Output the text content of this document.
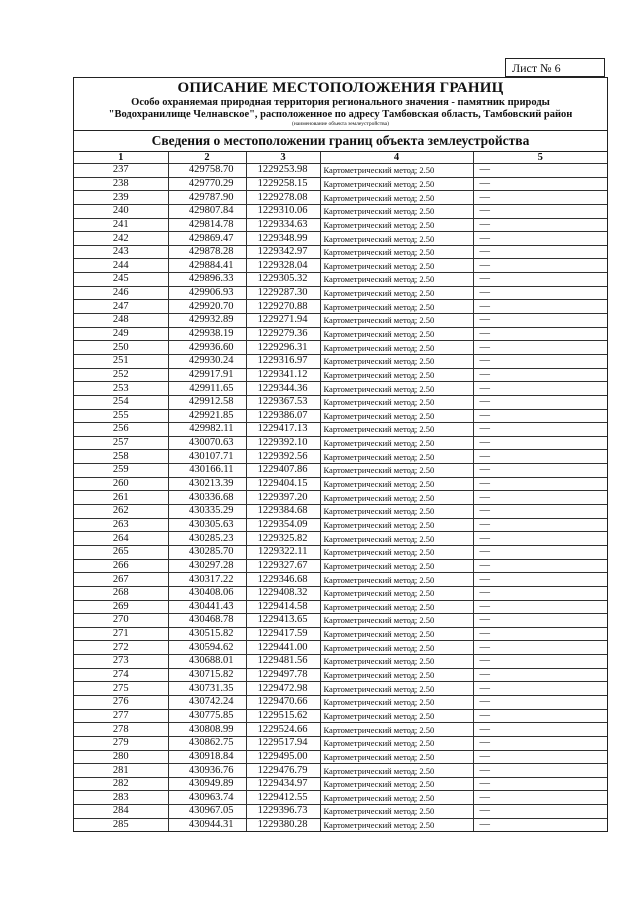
Лист № 6
ОПИСАНИЕ МЕСТОПОЛОЖЕНИЯ ГРАНИЦ
Особо охраняемая природная территория регионального значения - памятник природы
"Водохранилище Челнавское", расположенное по адресу Тамбовская область, Тамбовский район
(наименование объекта землеустройства)
Сведения о местоположении границ объекта землеустройства
1	2	3	4	5
237	429758.70	1229253.98	Картометрический метод; 2.50	—
238	429770.29	1229258.15	Картометрический метод; 2.50	—
239	429787.90	1229278.08	Картометрический метод; 2.50	—
240	429807.84	1229310.06	Картометрический метод; 2.50	—
241	429814.78	1229334.63	Картометрический метод; 2.50	—
242	429869.47	1229348.99	Картометрический метод; 2.50	—
243	429878.28	1229342.97	Картометрический метод; 2.50	—
244	429884.41	1229328.04	Картометрический метод; 2.50	—
245	429896.33	1229305.32	Картометрический метод; 2.50	—
246	429906.93	1229287.30	Картометрический метод; 2.50	—
247	429920.70	1229270.88	Картометрический метод; 2.50	—
248	429932.89	1229271.94	Картометрический метод; 2.50	—
249	429938.19	1229279.36	Картометрический метод; 2.50	—
250	429936.60	1229296.31	Картометрический метод; 2.50	—
251	429930.24	1229316.97	Картометрический метод; 2.50	—
252	429917.91	1229341.12	Картометрический метод; 2.50	—
253	429911.65	1229344.36	Картометрический метод; 2.50	—
254	429912.58	1229367.53	Картометрический метод; 2.50	—
255	429921.85	1229386.07	Картометрический метод; 2.50	—
256	429982.11	1229417.13	Картометрический метод; 2.50	—
257	430070.63	1229392.10	Картометрический метод; 2.50	—
258	430107.71	1229392.56	Картометрический метод; 2.50	—
259	430166.11	1229407.86	Картометрический метод; 2.50	—
260	430213.39	1229404.15	Картометрический метод; 2.50	—
261	430336.68	1229397.20	Картометрический метод; 2.50	—
262	430335.29	1229384.68	Картометрический метод; 2.50	—
263	430305.63	1229354.09	Картометрический метод; 2.50	—
264	430285.23	1229325.82	Картометрический метод; 2.50	—
265	430285.70	1229322.11	Картометрический метод; 2.50	—
266	430297.28	1229327.67	Картометрический метод; 2.50	—
267	430317.22	1229346.68	Картометрический метод; 2.50	—
268	430408.06	1229408.32	Картометрический метод; 2.50	—
269	430441.43	1229414.58	Картометрический метод; 2.50	—
270	430468.78	1229413.65	Картометрический метод; 2.50	—
271	430515.82	1229417.59	Картометрический метод; 2.50	—
272	430594.62	1229441.00	Картометрический метод; 2.50	—
273	430688.01	1229481.56	Картометрический метод; 2.50	—
274	430715.82	1229497.78	Картометрический метод; 2.50	—
275	430731.35	1229472.98	Картометрический метод; 2.50	—
276	430742.24	1229470.66	Картометрический метод; 2.50	—
277	430775.85	1229515.62	Картометрический метод; 2.50	—
278	430808.99	1229524.66	Картометрический метод; 2.50	—
279	430862.75	1229517.94	Картометрический метод; 2.50	—
280	430918.84	1229495.00	Картометрический метод; 2.50	—
281	430936.76	1229476.79	Картометрический метод; 2.50	—
282	430949.89	1229434.97	Картометрический метод; 2.50	—
283	430963.74	1229412.55	Картометрический метод; 2.50	—
284	430967.05	1229396.73	Картометрический метод; 2.50	—
285	430944.31	1229380.28	Картометрический метод; 2.50	—
